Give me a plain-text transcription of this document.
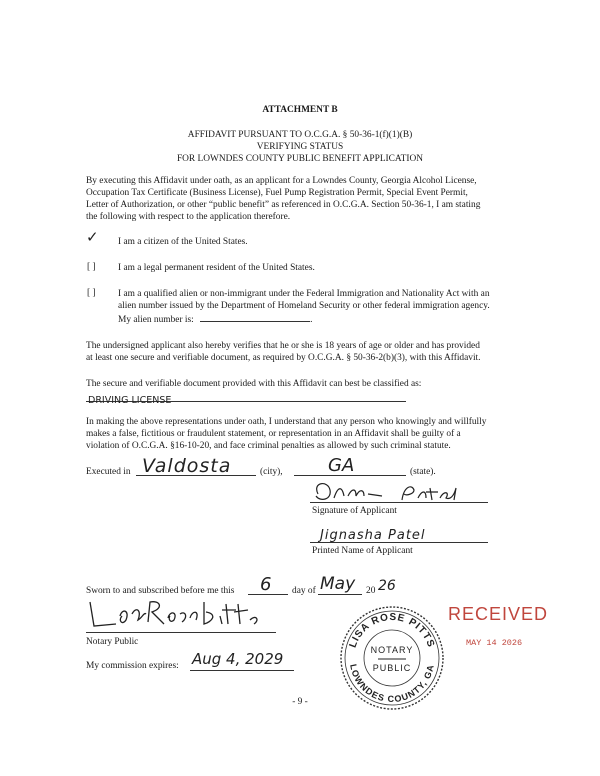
ATTACHMENT B
AFFIDAVIT PURSUANT TO O.C.G.A. § 50-36-1(f)(1)(B)
VERIFYING STATUS
FOR LOWNDES COUNTY PUBLIC BENEFIT APPLICATION
By executing this Affidavit under oath, as an applicant for a Lowndes County, Georgia Alcohol License,
Occupation Tax Certificate (Business License), Fuel Pump Registration Permit, Special Event Permit,
Letter of Authorization, or other “public benefit” as referenced in O.C.G.A. Section 50-36-1, I am stating
the following with respect to the application therefore.
✓ I am a citizen of the United States.
[ ] I am a legal permanent resident of the United States.
[ ] I am a qualified alien or non-immigrant under the Federal Immigration and Nationality Act with an
alien number issued by the Department of Homeland Security or other federal immigration agency.
My alien number is:	.
The undersigned applicant also hereby verifies that he or she is 18 years of age or older and has provided
at least one secure and verifiable document, as required by O.C.G.A. § 50-36-2(b)(3), with this Affidavit.
The secure and verifiable document provided with this Affidavit can best be classified as:
DRIVING LICENSE
In making the above representations under oath, I understand that any person who knowingly and willfully
makes a false, fictitious or fraudulent statement, or representation in an Affidavit shall be guilty of a
violation of O.C.G.A. §16-10-20, and face criminal penalties as allowed by such criminal statute.
Executed in Valdosta	(city),	GA	(state).
Signature of Applicant
Jignasha Patel
Printed Name of Applicant
Sworn to and subscribed before me this	6	day of May	20 26
Notary Public
My commission expires: Aug 4, 2029
- 9 -
RECEIVED
MAY 14 2026
LISA ROSE PITTS
LOWNDES COUNTY, GA
NOTARY
PUBLIC
